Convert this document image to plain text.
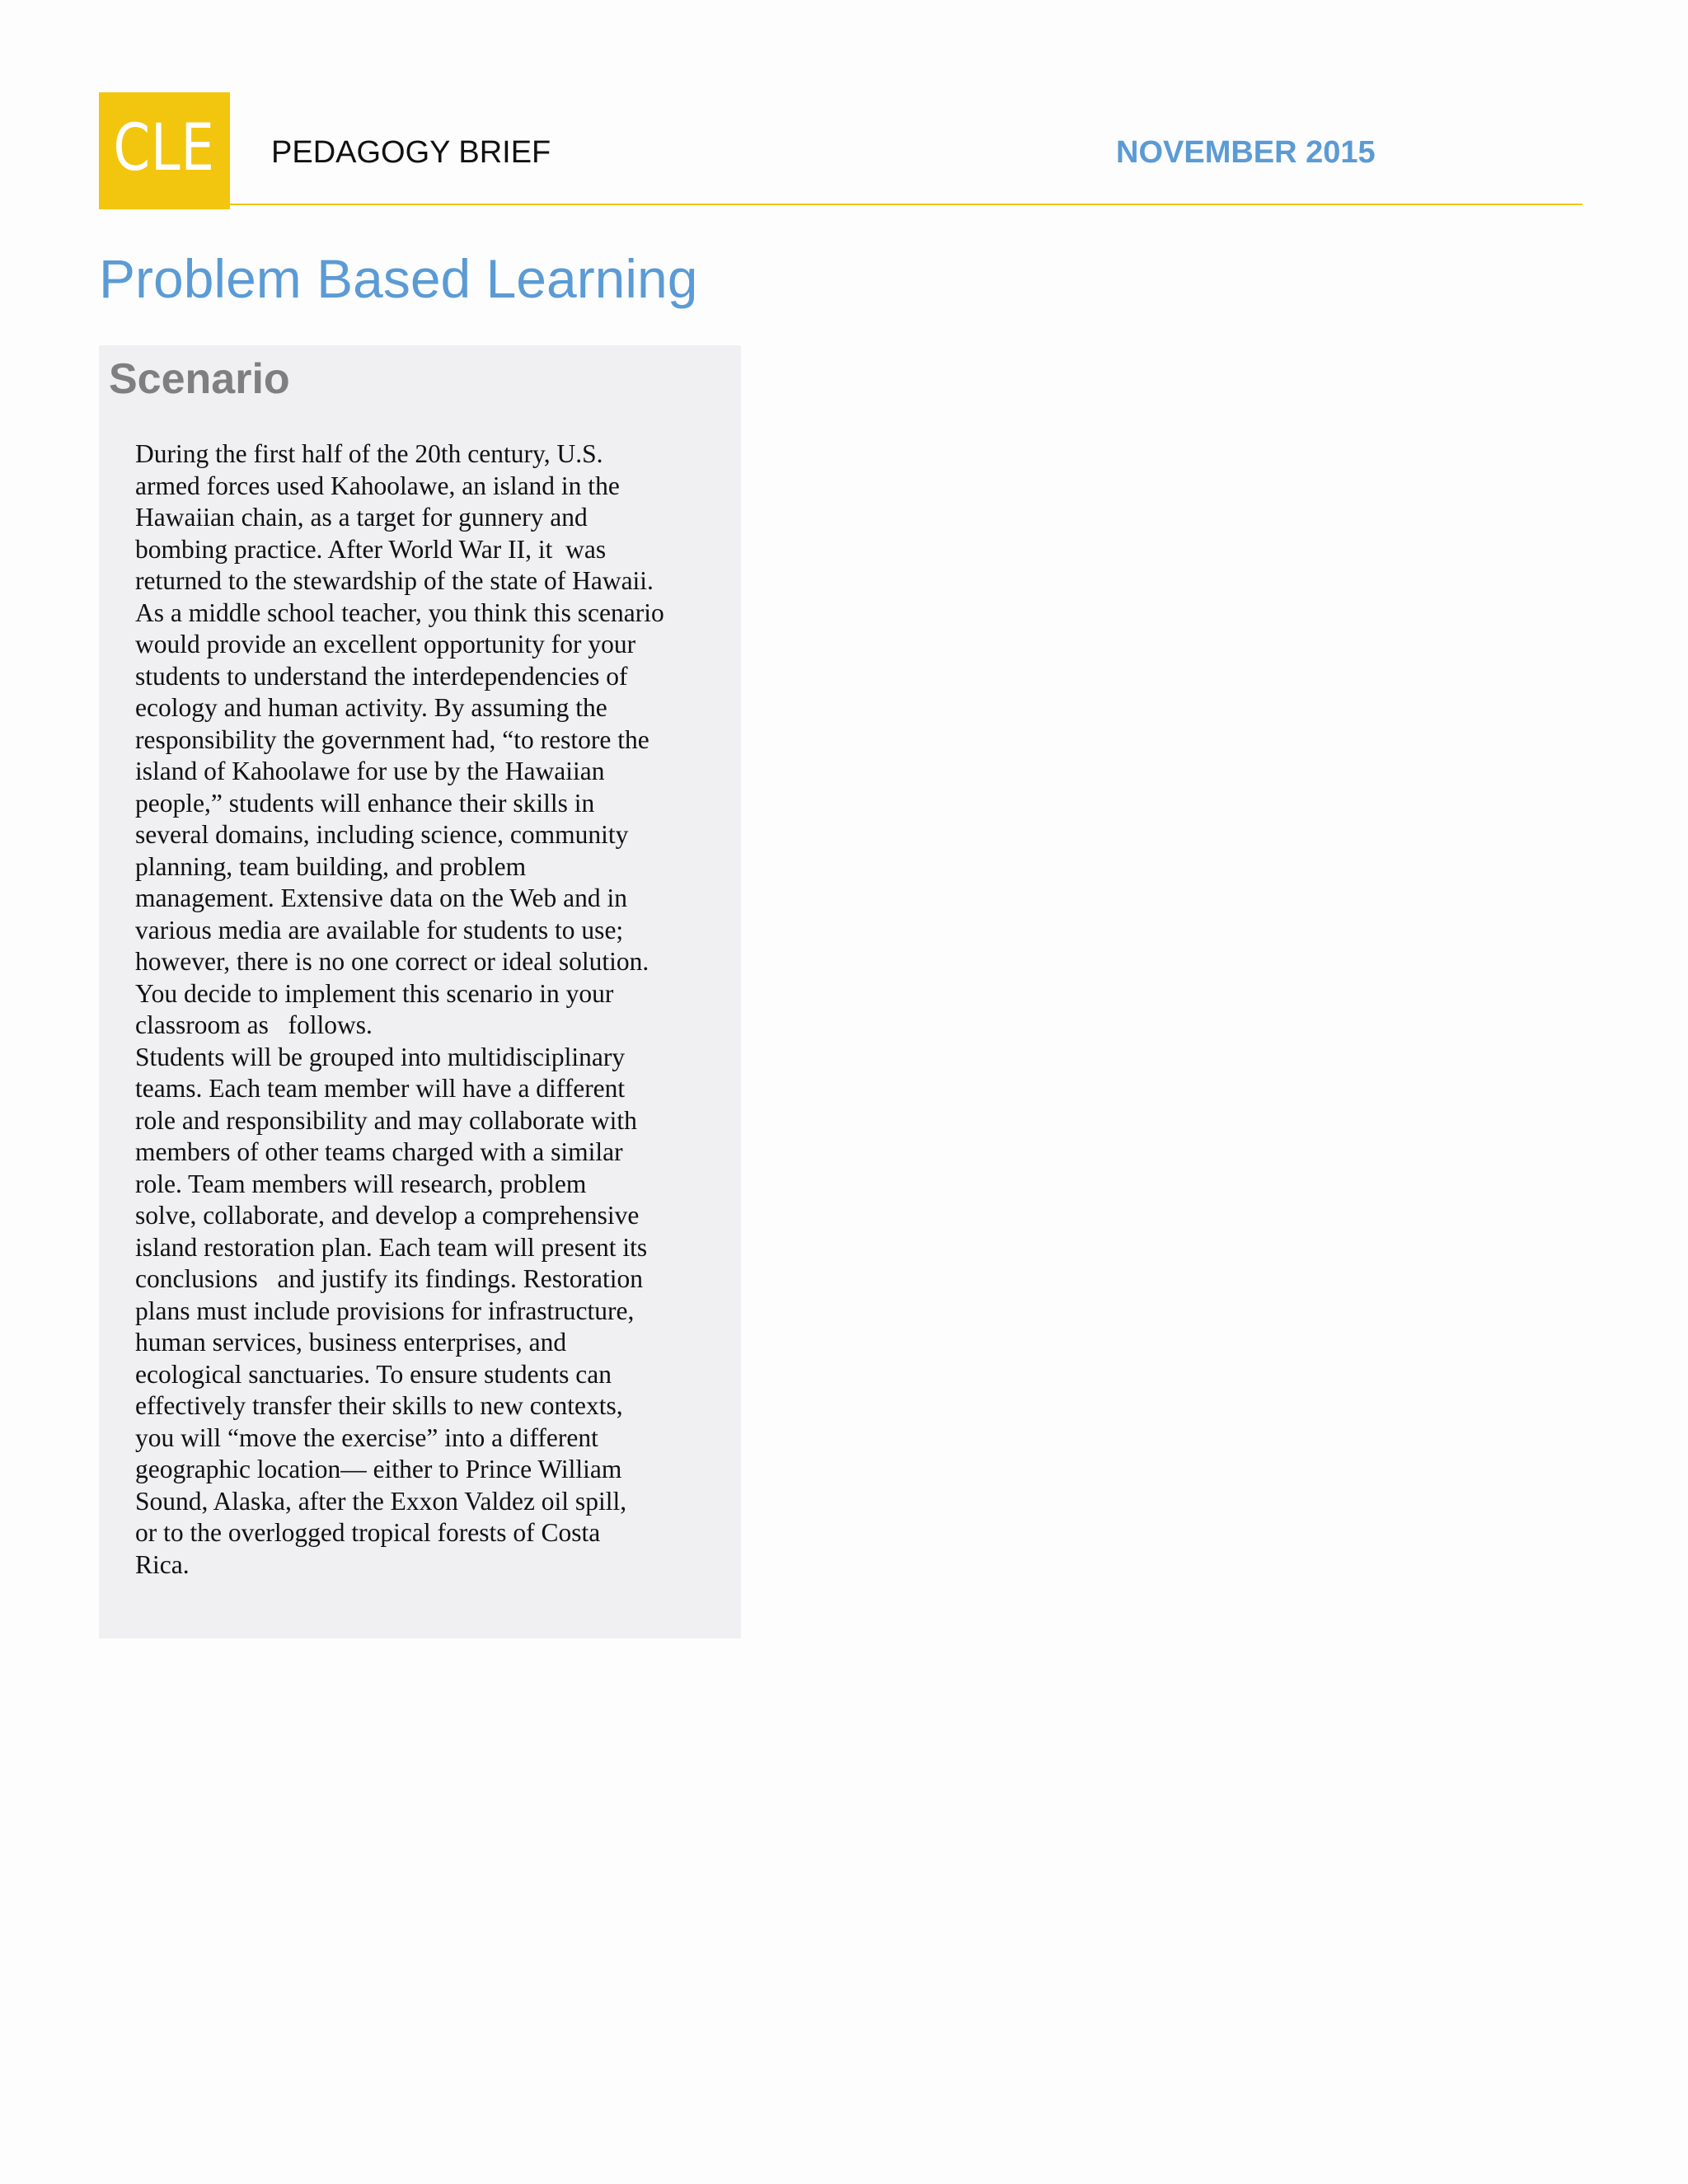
CLE PEDAGOGY BRIEF	NOVEMBER 2015
Problem Based Learning
Scenario
During the first half of the 20th century, U.S.
armed forces used Kahoolawe, an island in the
Hawaiian chain, as a target for gunnery and
bombing practice. After World War II, it  was
returned to the stewardship of the state of Hawaii.
As a middle school teacher, you think this scenario
would provide an excellent opportunity for your
students to understand the interdependencies of
ecology and human activity. By assuming the
responsibility the government had, “to restore the
island of Kahoolawe for use by the Hawaiian
people,” students will enhance their skills in
several domains, including science, community
planning, team building, and problem
management. Extensive data on the Web and in
various media are available for students to use;
however, there is no one correct or ideal solution.
You decide to implement this scenario in your
classroom as   follows.
Students will be grouped into multidisciplinary
teams. Each team member will have a different
role and responsibility and may collaborate with
members of other teams charged with a similar
role. Team members will research, problem
solve, collaborate, and develop a comprehensive
island restoration plan. Each team will present its
conclusions   and justify its findings. Restoration
plans must include provisions for infrastructure,
human services, business enterprises, and
ecological sanctuaries. To ensure students can
effectively transfer their skills to new contexts,
you will “move the exercise” into a different
geographic location— either to Prince William
Sound, Alaska, after the Exxon Valdez oil spill,
or to the overlogged tropical forests of Costa
Rica.
